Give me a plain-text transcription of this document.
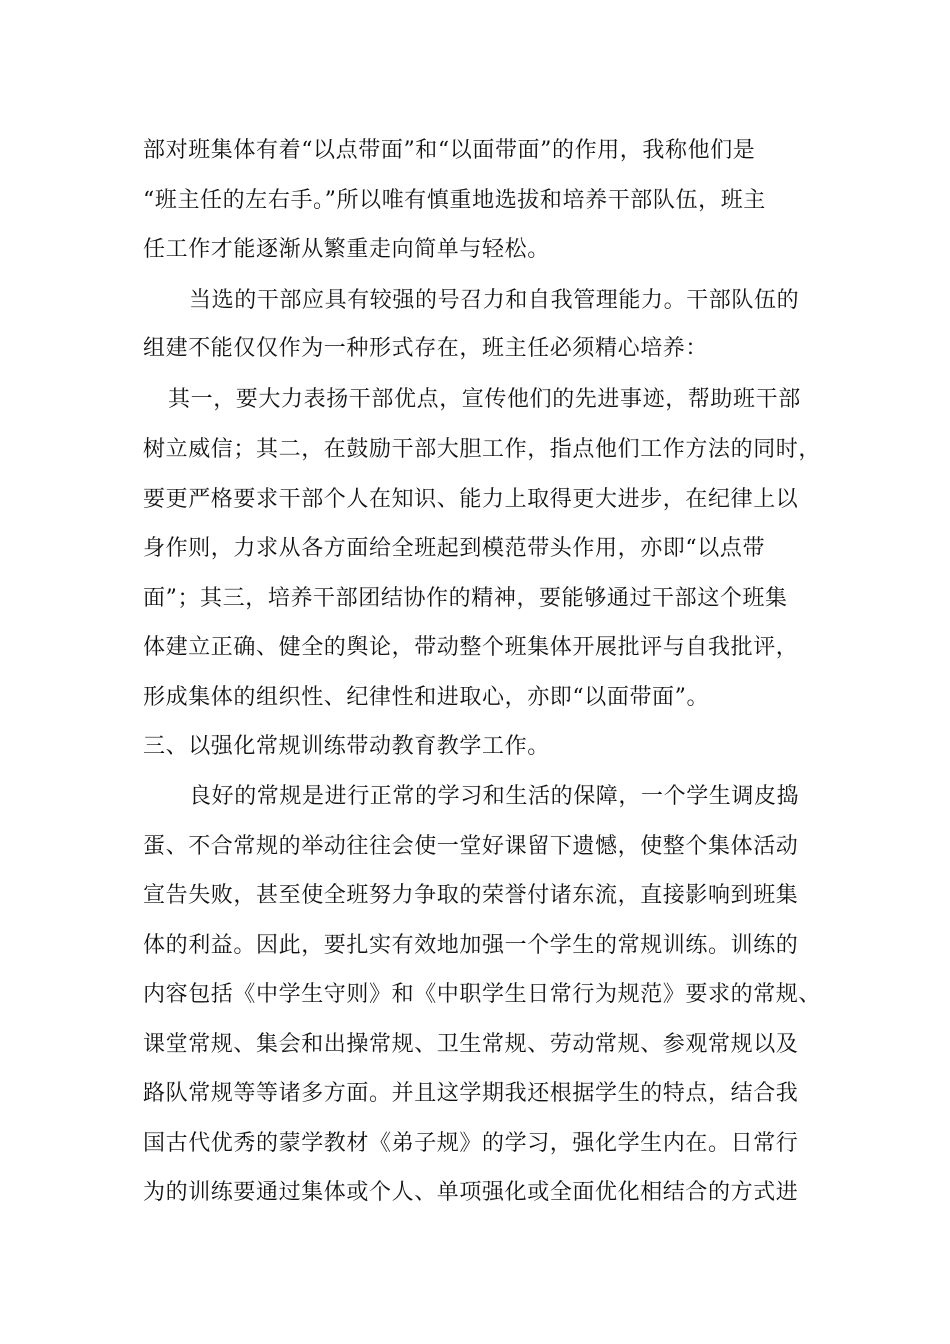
部对班集体有着“以点带面”和“以面带面”的作用，我称他们是
“班主任的左右手。”所以唯有慎重地选拔和培养干部队伍，班主
任工作才能逐渐从繁重走向简单与轻松。
当选的干部应具有较强的号召力和自我管理能力。干部队伍的
组建不能仅仅作为一种形式存在，班主任必须精心培养：
其一，要大力表扬干部优点，宣传他们的先进事迹，帮助班干部
树立威信；其二，在鼓励干部大胆工作，指点他们工作方法的同时，
要更严格要求干部个人在知识、能力上取得更大进步，在纪律上以
身作则，力求从各方面给全班起到模范带头作用，亦即“以点带
面”；其三，培养干部团结协作的精神，要能够通过干部这个班集
体建立正确、健全的舆论，带动整个班集体开展批评与自我批评，
形成集体的组织性、纪律性和进取心，亦即“以面带面”。
三、以强化常规训练带动教育教学工作。
良好的常规是进行正常的学习和生活的保障，一个学生调皮捣
蛋、不合常规的举动往往会使一堂好课留下遗憾，使整个集体活动
宣告失败，甚至使全班努力争取的荣誉付诸东流，直接影响到班集
体的利益。因此，要扎实有效地加强一个学生的常规训练。训练的
内容包括《中学生守则》和《中职学生日常行为规范》要求的常规、
课堂常规、集会和出操常规、卫生常规、劳动常规、参观常规以及
路队常规等等诸多方面。并且这学期我还根据学生的特点，结合我
国古代优秀的蒙学教材《弟子规》的学习，强化学生内在。日常行
为的训练要通过集体或个人、单项强化或全面优化相结合的方式进
